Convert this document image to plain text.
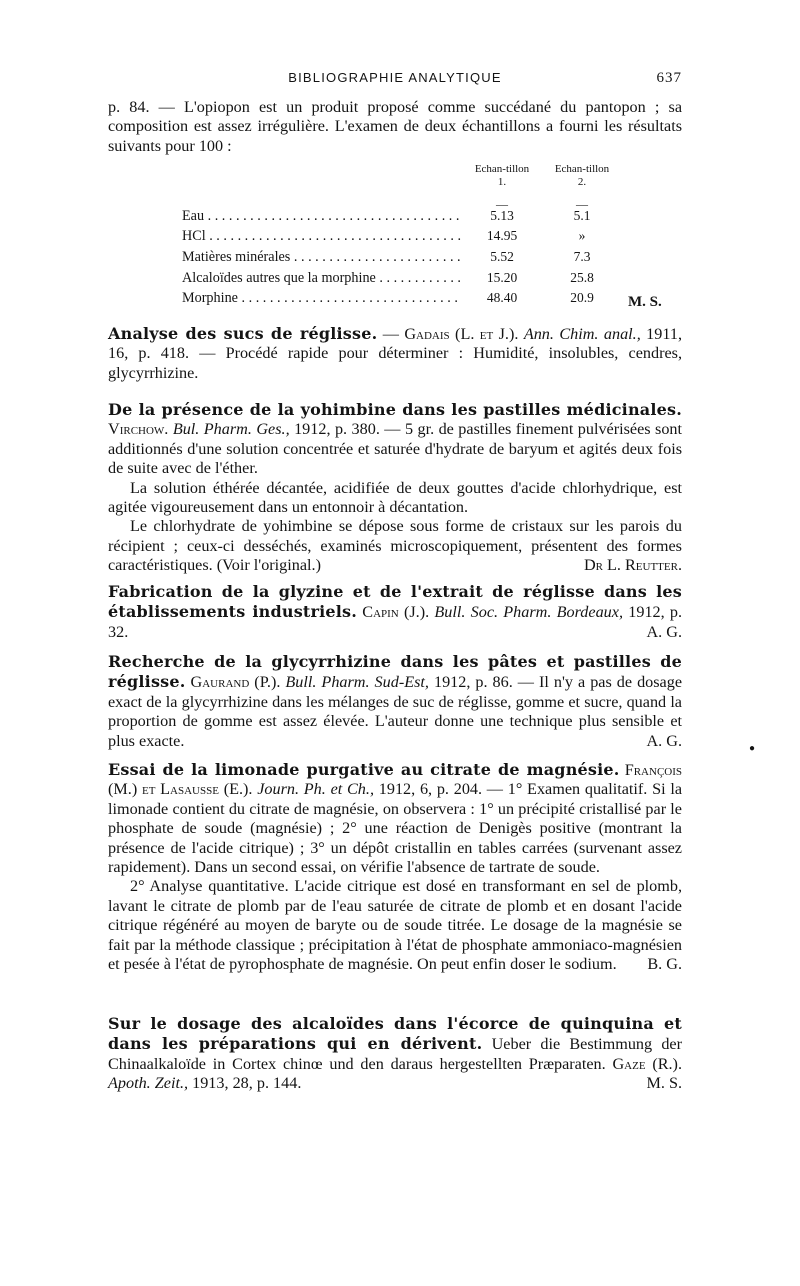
BIBLIOGRAPHIE ANALYTIQUE	637
p. 84. — L'opiopon est un produit proposé comme succédané du pantopon ; sa composition est assez irrégulière. L'examen de deux échantillons a fourni les résultats suivants pour 100 :
Echan-tillon 1.
Echan-tillon 2.
—	—
Eau . . .	5.13	5.1
HCl . . .	14.95	»
Matières minérales . . .	5.52	7.3
Alcaloïdes autres que la morphine . . .	15.20	25.8
Morphine . . .	48.40	20.9	M. S.
Analyse des sucs de réglisse. — Gadais (L. et J.). Ann. Chim. anal., 1911, 16, p. 418. — Procédé rapide pour déterminer : Humidité, insolubles, cendres, glycyrrhizine.
De la présence de la yohimbine dans les pastilles médicinales. Virchow. Bul. Pharm. Ges., 1912, p. 380. — 5 gr. de pastilles finement pulvérisées sont additionnés d'une solution concentrée et saturée d'hydrate de baryum et agités deux fois de suite avec de l'éther.
La solution éthérée décantée, acidifiée de deux gouttes d'acide chlorhydrique, est agitée vigoureusement dans un entonnoir à décantation.
Le chlorhydrate de yohimbine se dépose sous forme de cristaux sur les parois du récipient ; ceux-ci desséchés, examinés microscopiquement, présentent des formes caractéristiques. (Voir l'original.)	Dr L. Reutter.
Fabrication de la glyzine et de l'extrait de réglisse dans les établissements industriels. Capin (J.). Bull. Soc. Pharm. Bordeaux, 1912, p. 32.	A. G.
Recherche de la glycyrrhizine dans les pâtes et pastilles de réglisse. Gaurand (P.). Bull. Pharm. Sud-Est, 1912, p. 86. — Il n'y a pas de dosage exact de la glycyrrhizine dans les mélanges de suc de réglisse, gomme et sucre, quand la proportion de gomme est assez élevée. L'auteur donne une technique plus sensible et plus exacte.	A. G.	●
Essai de la limonade purgative au citrate de magnésie. François (M.) et Lasausse (E.). Journ. Ph. et Ch., 1912, 6, p. 204. — 1° Examen qualitatif. Si la limonade contient du citrate de magnésie, on observera : 1° un précipité cristallisé par le phosphate de soude (magnésie) ; 2° une réaction de Denigès positive (montrant la présence de l'acide citrique) ; 3° un dépôt cristallin en tables carrées (survenant assez rapidement). Dans un second essai, on vérifie l'absence de tartrate de soude.
2° Analyse quantitative. L'acide citrique est dosé en transformant en sel de plomb, lavant le citrate de plomb par de l'eau saturée de citrate de plomb et en dosant l'acide citrique régénéré au moyen de baryte ou de soude titrée. Le dosage de la magnésie se fait par la méthode classique ; précipitation à l'état de phosphate ammoniaco-magnésien et pesée à l'état de pyrophosphate de magnésie. On peut enfin doser le sodium.	B. G.
Sur le dosage des alcaloïdes dans l'écorce de quinquina et dans les préparations qui en dérivent. Ueber die Bestimmung der Chinaalkaloïde in Cortex chinœ und den daraus hergestellten Præparaten. Gaze (R.). Apoth. Zeit., 1913, 28, p. 144.	M. S.
